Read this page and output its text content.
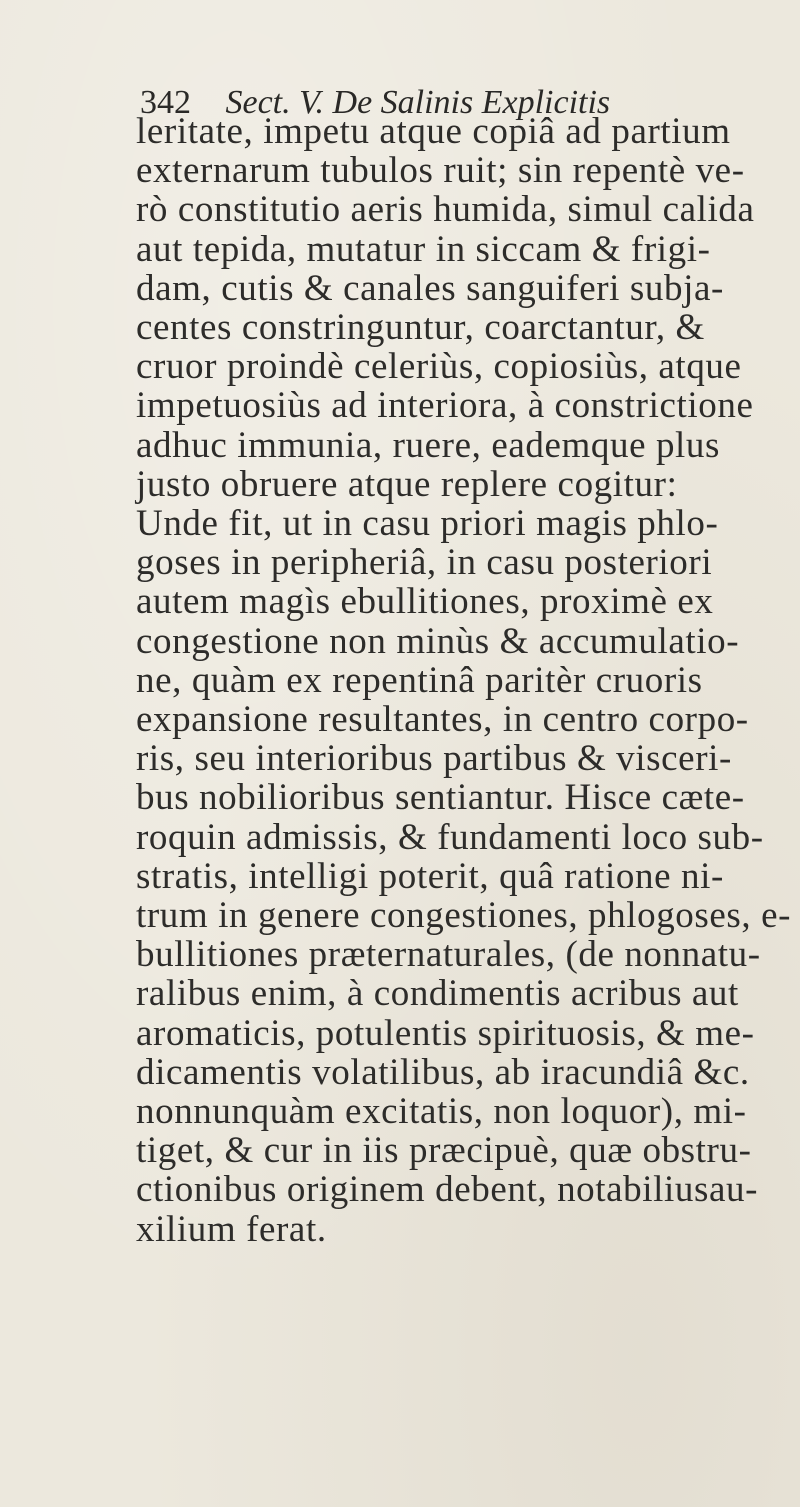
342 Sect. V. De Salinis Explicitis
leritate, impetu atque copiâ ad partium
externarum tubulos ruit; sin repentè ve-
rò constitutio aeris humida, simul calida
aut tepida, mutatur in siccam & frigi-
dam, cutis & canales sanguiferi subja-
centes constringuntur, coarctantur, &
cruor proindè celeriùs, copiosiùs, atque
impetuosiùs ad interiora, à constrictione
adhuc immunia, ruere, eademque plus
justo obruere atque replere cogitur:
Unde fit, ut in casu priori magis phlo-
goses in peripheriâ, in casu posteriori
autem magìs ebullitiones, proximè ex
congestione non minùs & accumulatio-
ne, quàm ex repentinâ paritèr cruoris
expansione resultantes, in centro corpo-
ris, seu interioribus partibus & visceri-
bus nobilioribus sentiantur. Hisce cæte-
roquin admissis, & fundamenti loco sub-
stratis, intelligi poterit, quâ ratione ni-
trum in genere congestiones, phlogoses, e-
bullitiones præternaturales, (de nonnatu-
ralibus enim, à condimentis acribus aut
aromaticis, potulentis spirituosis, & me-
dicamentis volatilibus, ab iracundiâ &c.
nonnunquàm excitatis, non loquor), mi-
tiget, & cur in iis præcipuè, quæ obstru-
ctionibus originem debent, notabiliusau-
xilium ferat.
